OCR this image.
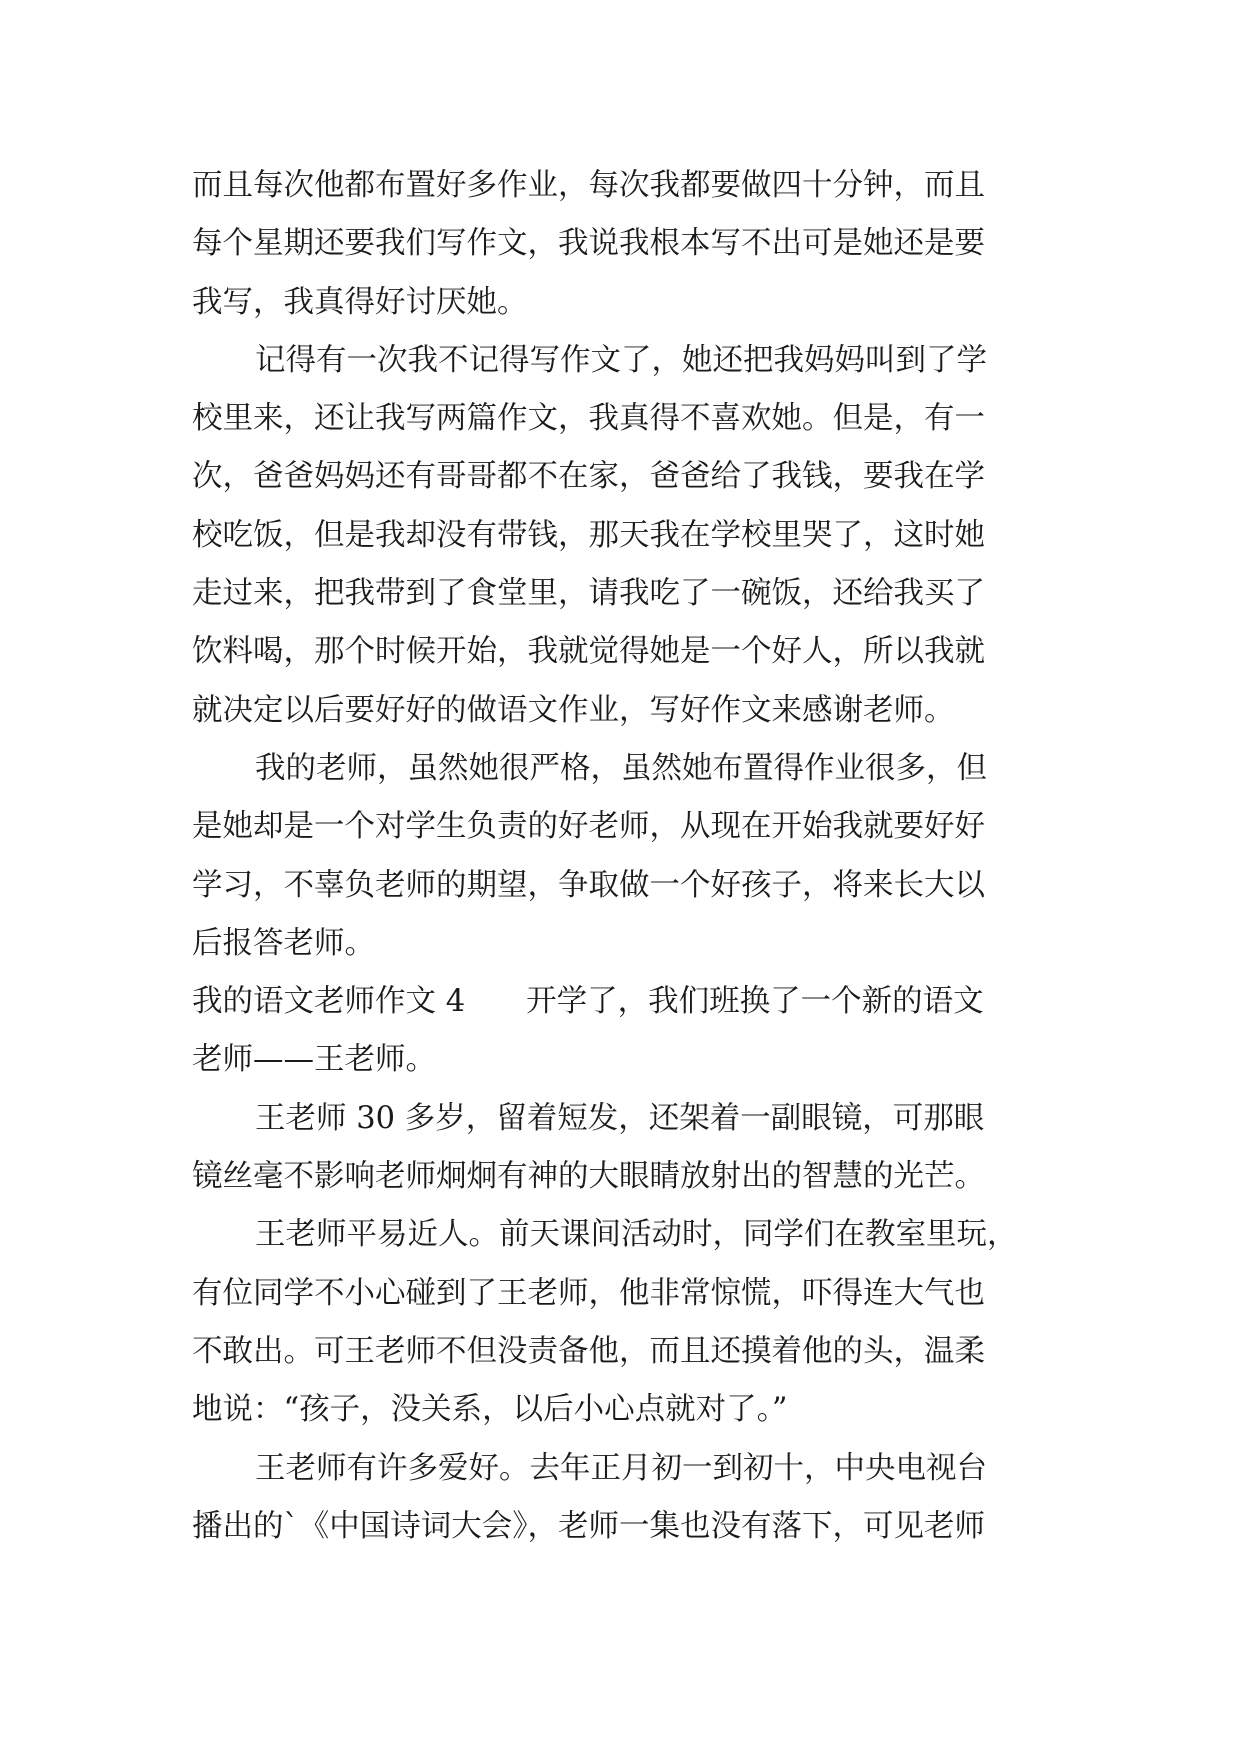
而且每次他都布置好多作业，每次我都要做四十分钟，而且
每个星期还要我们写作文，我说我根本写不出可是她还是要
我写，我真得好讨厌她。
记得有一次我不记得写作文了，她还把我妈妈叫到了学
校里来，还让我写两篇作文，我真得不喜欢她。但是，有一
次，爸爸妈妈还有哥哥都不在家，爸爸给了我钱，要我在学
校吃饭，但是我却没有带钱，那天我在学校里哭了，这时她
走过来，把我带到了食堂里，请我吃了一碗饭，还给我买了
饮料喝，那个时候开始，我就觉得她是一个好人，所以我就
就决定以后要好好的做语文作业，写好作文来感谢老师。
我的老师，虽然她很严格，虽然她布置得作业很多，但
是她却是一个对学生负责的好老师，从现在开始我就要好好
学习，不辜负老师的期望，争取做一个好孩子，将来长大以
后报答老师。
我的语文老师作文 4　　开学了，我们班换了一个新的语文
老师——王老师。
王老师 30 多岁，留着短发，还架着一副眼镜，可那眼
镜丝毫不影响老师炯炯有神的大眼睛放射出的智慧的光芒。
王老师平易近人。前天课间活动时，同学们在教室里玩，
有位同学不小心碰到了王老师，他非常惊慌，吓得连大气也
不敢出。可王老师不但没责备他，而且还摸着他的头，温柔
地说：“孩子，没关系，以后小心点就对了。”
王老师有许多爱好。去年正月初一到初十，中央电视台
播出的`《中国诗词大会》，老师一集也没有落下，可见老师
